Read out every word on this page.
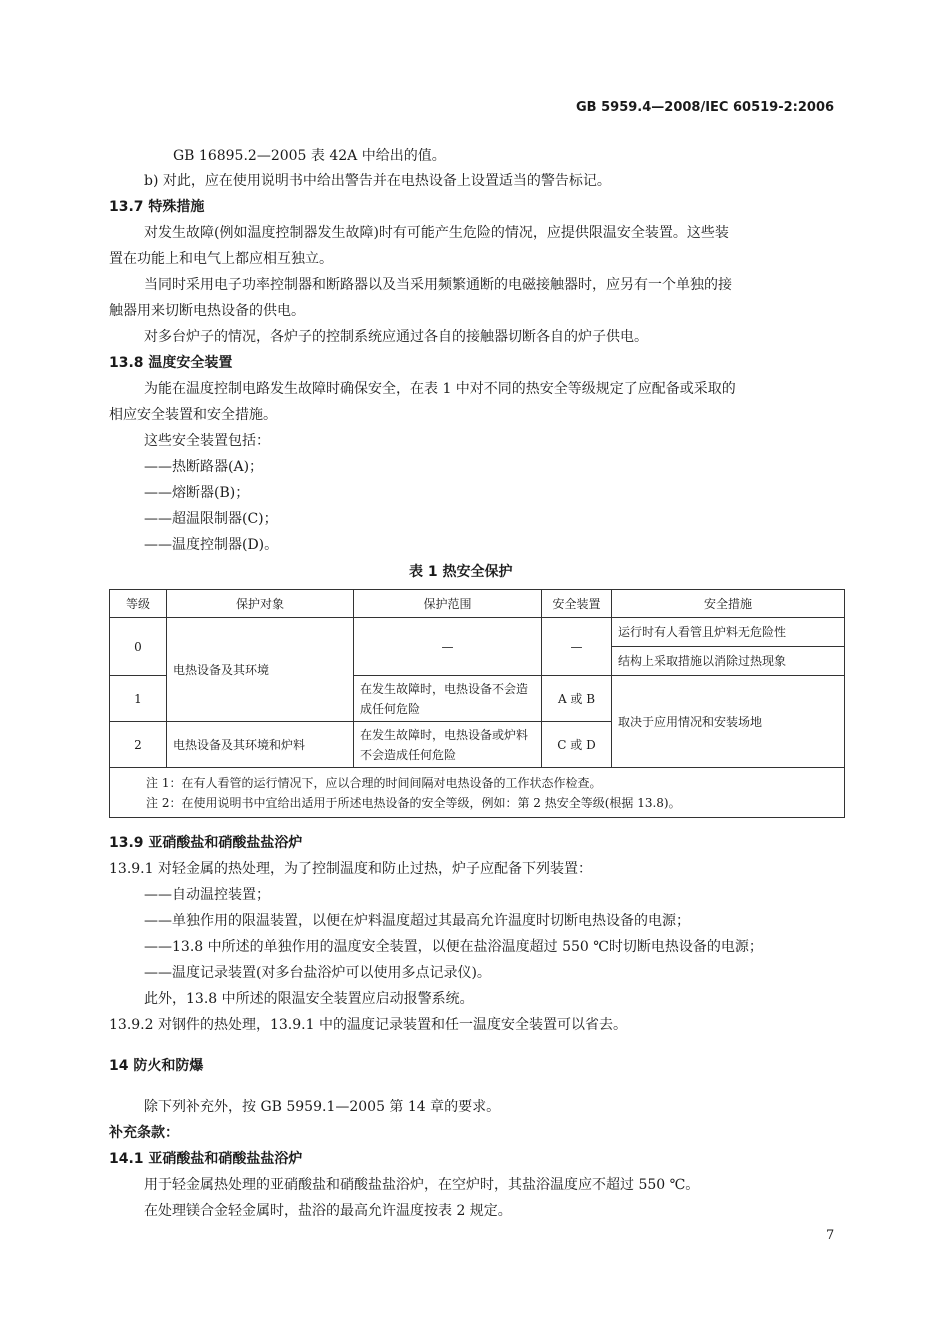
GB 5959.4—2008/IEC 60519-2:2006
GB 16895.2—2005 表 42A 中给出的值。
b) 对此，应在使用说明书中给出警告并在电热设备上设置适当的警告标记。
13.7 特殊措施
对发生故障(例如温度控制器发生故障)时有可能产生危险的情况，应提供限温安全装置。这些装
置在功能上和电气上都应相互独立。
当同时采用电子功率控制器和断路器以及当采用频繁通断的电磁接触器时，应另有一个单独的接
触器用来切断电热设备的供电。
对多台炉子的情况，各炉子的控制系统应通过各自的接触器切断各自的炉子供电。
13.8 温度安全装置
为能在温度控制电路发生故障时确保安全，在表 1 中对不同的热安全等级规定了应配备或采取的
相应安全装置和安全措施。
这些安全装置包括：
——热断路器(A)；
——熔断器(B)；
——超温限制器(C)；
——温度控制器(D)。
表 1 热安全保护
等级	保护对象	保护范围	安全装置	安全措施
0	电热设备及其环境	—	—	运行时有人看管且炉料无危险性
				结构上采取措施以消除过热现象
1		在发生故障时，电热设备不会造成任何危险	A 或 B	取决于应用情况和安装场地
2	电热设备及其环境和炉料	在发生故障时，电热设备或炉料不会造成任何危险	C 或 D	

注 1：在有人看管的运行情况下，应以合理的时间间隔对电热设备的工作状态作检查。
注 2：在使用说明书中宜给出适用于所述电热设备的安全等级，例如：第 2 热安全等级(根据 13.8)。				
13.9 亚硝酸盐和硝酸盐盐浴炉
13.9.1 对轻金属的热处理，为了控制温度和防止过热，炉子应配备下列装置：
——自动温控装置；
——单独作用的限温装置，以便在炉料温度超过其最高允许温度时切断电热设备的电源；
——13.8 中所述的单独作用的温度安全装置，以便在盐浴温度超过 550 ℃时切断电热设备的电源；
——温度记录装置(对多台盐浴炉可以使用多点记录仪)。
此外，13.8 中所述的限温安全装置应启动报警系统。
13.9.2 对钢件的热处理，13.9.1 中的温度记录装置和任一温度安全装置可以省去。
14 防火和防爆
除下列补充外，按 GB 5959.1—2005 第 14 章的要求。
补充条款：
14.1 亚硝酸盐和硝酸盐盐浴炉
用于轻金属热处理的亚硝酸盐和硝酸盐盐浴炉，在空炉时，其盐浴温度应不超过 550 ℃。
在处理镁合金轻金属时，盐浴的最高允许温度按表 2 规定。
7
